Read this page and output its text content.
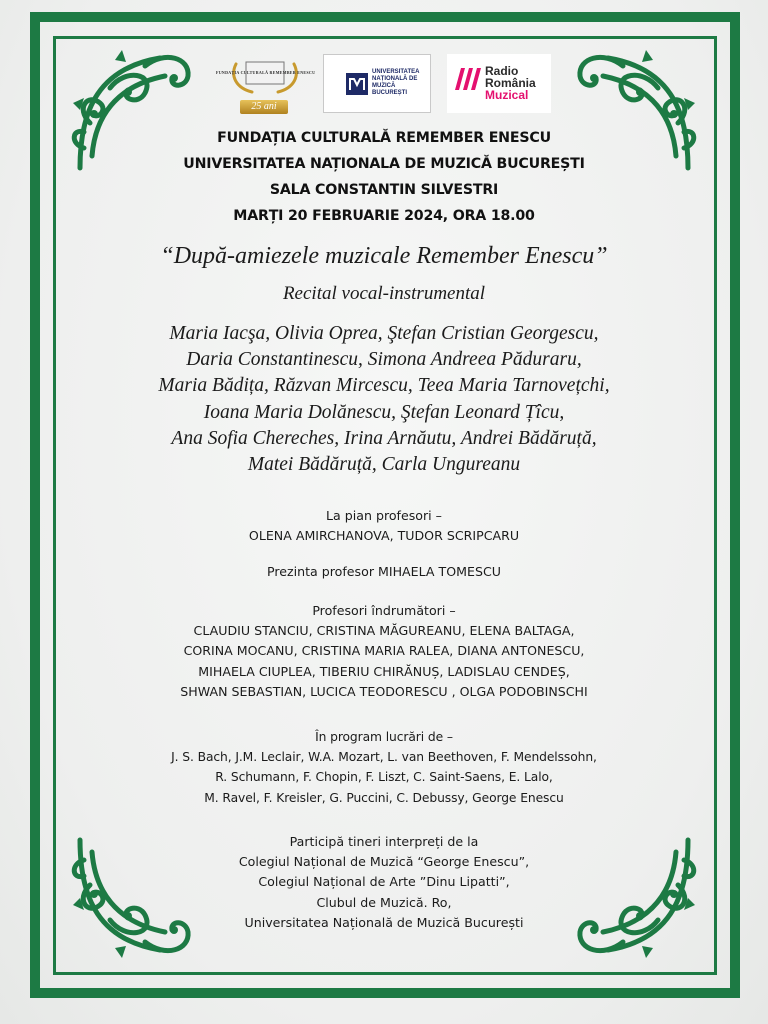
FUNDAŢIA CULTURALĂ REMEMBER ENESCU
25 ani
UNIVERSITATEA
NAȚIONALĂ DE
MUZICĂ
BUCUREȘTI
Radio
România
Muzical
FUNDAȚIA CULTURALĂ REMEMBER ENESCU
UNIVERSITATEA NAȚIONALA DE MUZICĂ BUCUREȘTI
SALA CONSTANTIN SILVESTRI
MARȚI 20 FEBRUARIE 2024, ORA 18.00
“După-amiezele muzicale Remember Enescu”
Recital vocal-instrumental
Maria Iacşa, Olivia Oprea, Ştefan Cristian Georgescu,
Daria Constantinescu, Simona Andreea Păduraru,
Maria Bădița, Răzvan Mircescu, Teea Maria Tarnovețchi,
Ioana Maria Dolănescu, Ştefan Leonard Țîcu,
Ana Sofia Chereches, Irina Arnăutu, Andrei Bădăruță,
Matei Bădăruță, Carla Ungureanu
La pian profesori –
OLENA AMIRCHANOVA, TUDOR SCRIPCARU
Prezinta profesor MIHAELA TOMESCU
Profesori îndrumători –
CLAUDIU STANCIU, CRISTINA MĂGUREANU, ELENA BALTAGA,
CORINA MOCANU, CRISTINA MARIA RALEA, DIANA ANTONESCU,
MIHAELA CIUPLEA, TIBERIU CHIRĂNUȘ, LADISLAU CENDEȘ,
SHWAN SEBASTIAN, LUCICA TEODORESCU , OLGA PODOBINSCHI
În program lucrări de –
J. S. Bach, J.M. Leclair, W.A. Mozart, L. van Beethoven, F. Mendelssohn,
R. Schumann, F. Chopin, F. Liszt, C. Saint-Saens, E. Lalo,
M. Ravel, F. Kreisler, G. Puccini, C. Debussy, George Enescu
Participă tineri interpreți de la
Colegiul Național de Muzică “George Enescu”,
Colegiul Național de Arte ”Dinu Lipatti”,
Clubul de Muzică. Ro,
Universitatea Națională de Muzică București
